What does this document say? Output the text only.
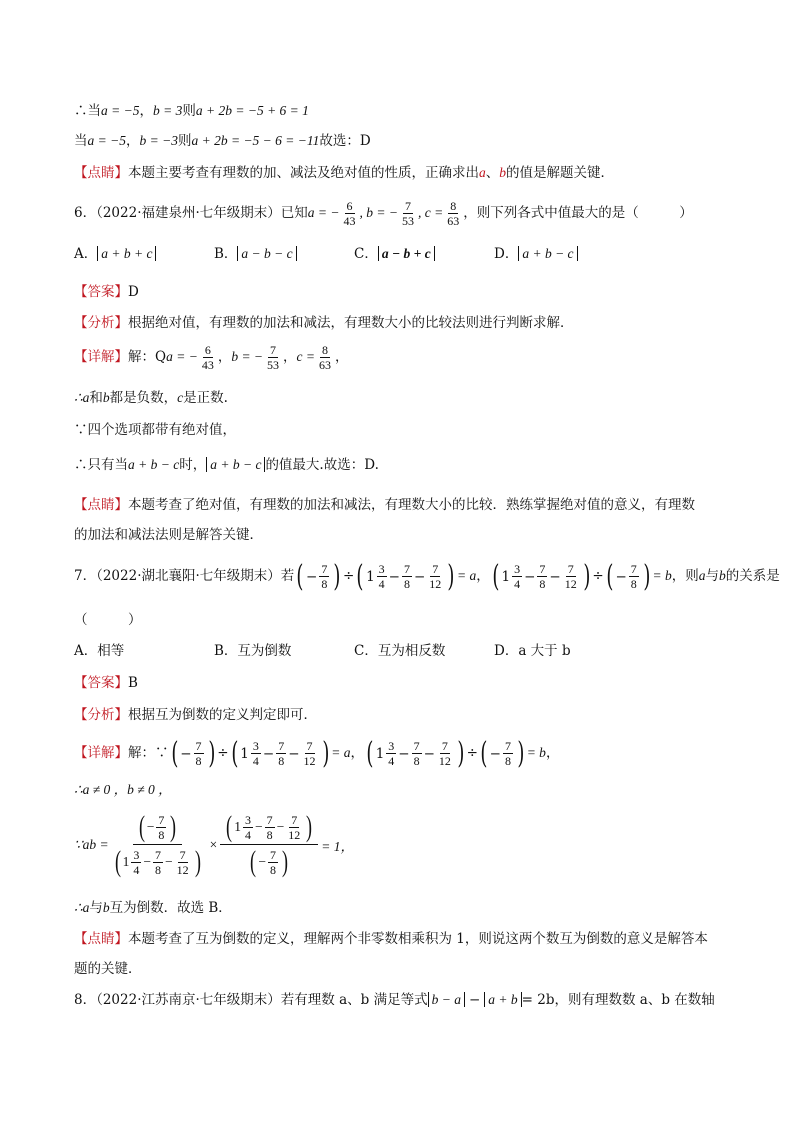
∴当a = −5，b = 3则a + 2b = −5 + 6 = 1
当a = −5，b = −3则a + 2b = −5 − 6 = −11故选：D
【点睛】本题主要考查有理数的加、减法及绝对值的性质，正确求出a、b的值是解题关键．
6．（2022·福建泉州·七年级期末）已知a = − $\frac{6}{43}$ , b = − $\frac{7}{53}$ , $c = \frac{8}{63}$ ，则下列各式中值最大的是（　　　）
A． a + b + c	B． a − b − c	C． a − b + c	D． a + b − c
【答案】D
【分析】根据绝对值，有理数的加法和减法，有理数大小的比较法则进行判断求解．
【详解】解：Qa = − $\frac{6}{43}$ ，b = − $\frac{7}{53}$ ，$c = \frac{8}{63}$ ，
∴a和b都是负数，c是正数.
∵四个选项都带有绝对值，
∴只有当a + b − c时， a + b − c 的值最大.故选：D.
【点睛】本题考查了绝对值，有理数的加法和减法，有理数大小的比较．熟练掌握绝对值的意义，有理数
的加法和减法法则是解答关键．
7．（2022·湖北襄阳·七年级期末）若 ( − $\frac{7}{8}$ ) ÷ ( $1 \frac{3}{4} - \frac{7}{8} - \frac{7}{12}$ ) = a， ( $1 \frac{3}{4} - \frac{7}{8} - \frac{7}{12}$ ) ÷ ( − $\frac{7}{8}$ ) = b，则a与b的关系是
（　　　）
A．相等	B．互为倒数	C．互为相反数	D．a 大于 b
【答案】B
【分析】根据互为倒数的定义判定即可．
【详解】解：∵ ( − $\frac{7}{8}$ ) ÷ ( $1 \frac{3}{4} - \frac{7}{8} - \frac{7}{12}$ ) = a， ( $1 \frac{3}{4} - \frac{7}{8} - \frac{7}{12}$ ) ÷ ( − $\frac{7}{8}$ ) = b，
∴a ≠ 0 ，b ≠ 0 ，
∵ab = $\frac{( - \frac{7}{8} )}{( 1 \frac{3}{4} - \frac{7}{8} - \frac{7}{12} )} \times \frac{( 1 \frac{3}{4} - \frac{7}{8} - \frac{7}{12} )}{( - \frac{7}{8} )} = 1$，
∴a与b互为倒数．故选 B．
【点睛】本题考查了互为倒数的定义，理解两个非零数相乘积为 1，则说这两个数互为倒数的意义是解答本
题的关键．
8．（2022·江苏南京·七年级期末）若有理数 a、b 满足等式 b − a − a + b = 2b，则有理数数 a、b 在数轴
